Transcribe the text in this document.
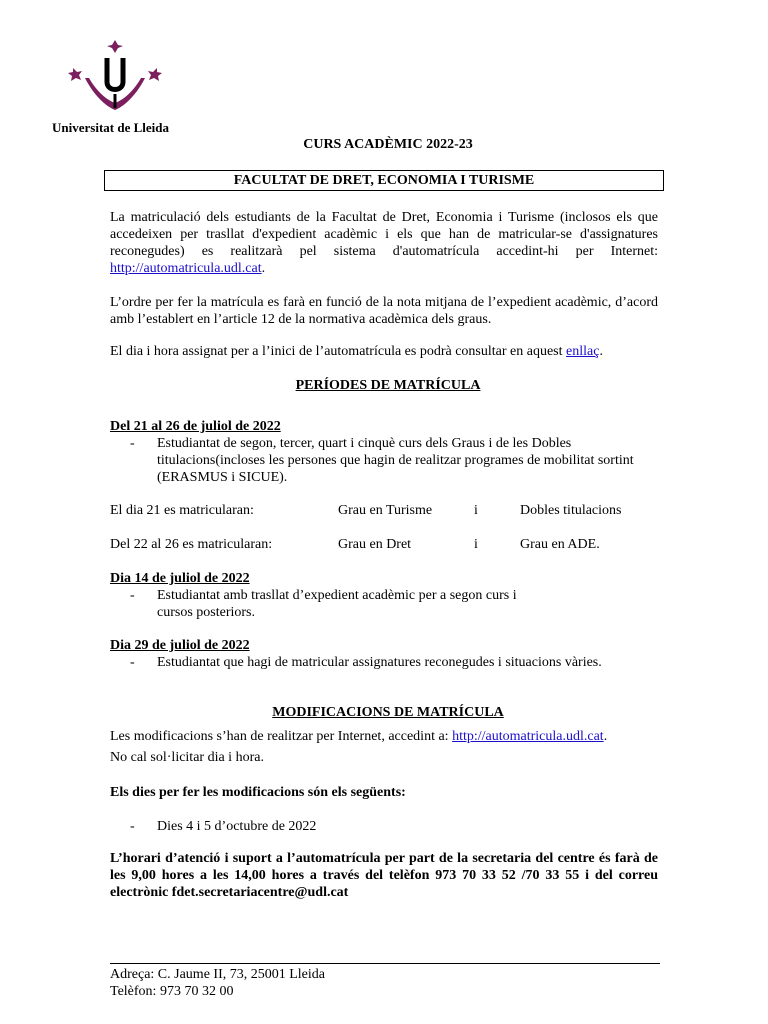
Universitat de Lleida
CURS ACADÈMIC 2022-23
FACULTAT DE DRET, ECONOMIA I TURISME
La matriculació dels estudiants de la Facultat de Dret, Economia i Turisme (inclosos els que accedeixen per trasllat d'expedient acadèmic i els que han de matricular-se d'assignatures reconegudes) es realitzarà pel sistema d'automatrícula accedint-hi per Internet: http://automatricula.udl.cat.
L’ordre per fer la matrícula es farà en funció de la nota mitjana de l’expedient acadèmic, d’acord amb l’establert en l’article 12 de la normativa acadèmica dels graus.
El dia i hora assignat per a l’inici de l’automatrícula es podrà consultar en aquest enllaç.
PERÍODES DE MATRÍCULA
Del 21 al 26 de juliol de 2022
- Estudiantat de segon, tercer, quart i cinquè curs dels Graus i de les Dobles titulacions(incloses les persones que hagin de realitzar programes de mobilitat sortint (ERASMUS i SICUE).
El dia 21 es matricularan:	Grau en Turisme	i	Dobles titulacions
Del 22 al 26 es matricularan:	Grau en Dret	i	Grau en ADE.
Dia 14 de juliol de 2022
- Estudiantat amb trasllat d’expedient acadèmic per a segon curs i
cursos posteriors.
Dia 29 de juliol de 2022
- Estudiantat que hagi de matricular assignatures reconegudes i situacions vàries.
MODIFICACIONS DE MATRÍCULA
Les modificacions s’han de realitzar per Internet, accedint a: http://automatricula.udl.cat.
No cal sol·licitar dia i hora.
Els dies per fer les modificacions són els següents:
- Dies 4 i 5 d’octubre de 2022
L’horari d’atenció i suport a l’automatrícula per part de la secretaria del centre és farà de les 9,00 hores a les 14,00 hores a través del telèfon 973 70 33 52 /70 33 55 i del correu electrònic fdet.secretariacentre@udl.cat
Adreça: C. Jaume II, 73, 25001 Lleida
Telèfon: 973 70 32 00
